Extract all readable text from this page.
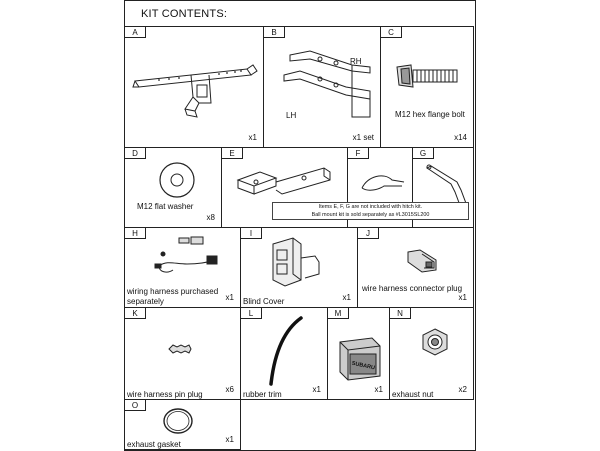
KIT CONTENTS:
A
x1
B
RH
LH
x1 set
C
M12 hex flange bolt
x14
D
M12 flat washer
x8
E	F	G
Items E, F, G are not included with hitch kit.
Ball mount kit is sold separately as #L3015SL200
H
wiring harness purchased separately	x1
I
Blind Cover	x1
J
wire harness connector plug
x1
K
wire harness pin plug
x6
L
rubber trim
x1
M
SUBARU
x1
N
exhaust nut
x2
O
exhaust gasket
x1
